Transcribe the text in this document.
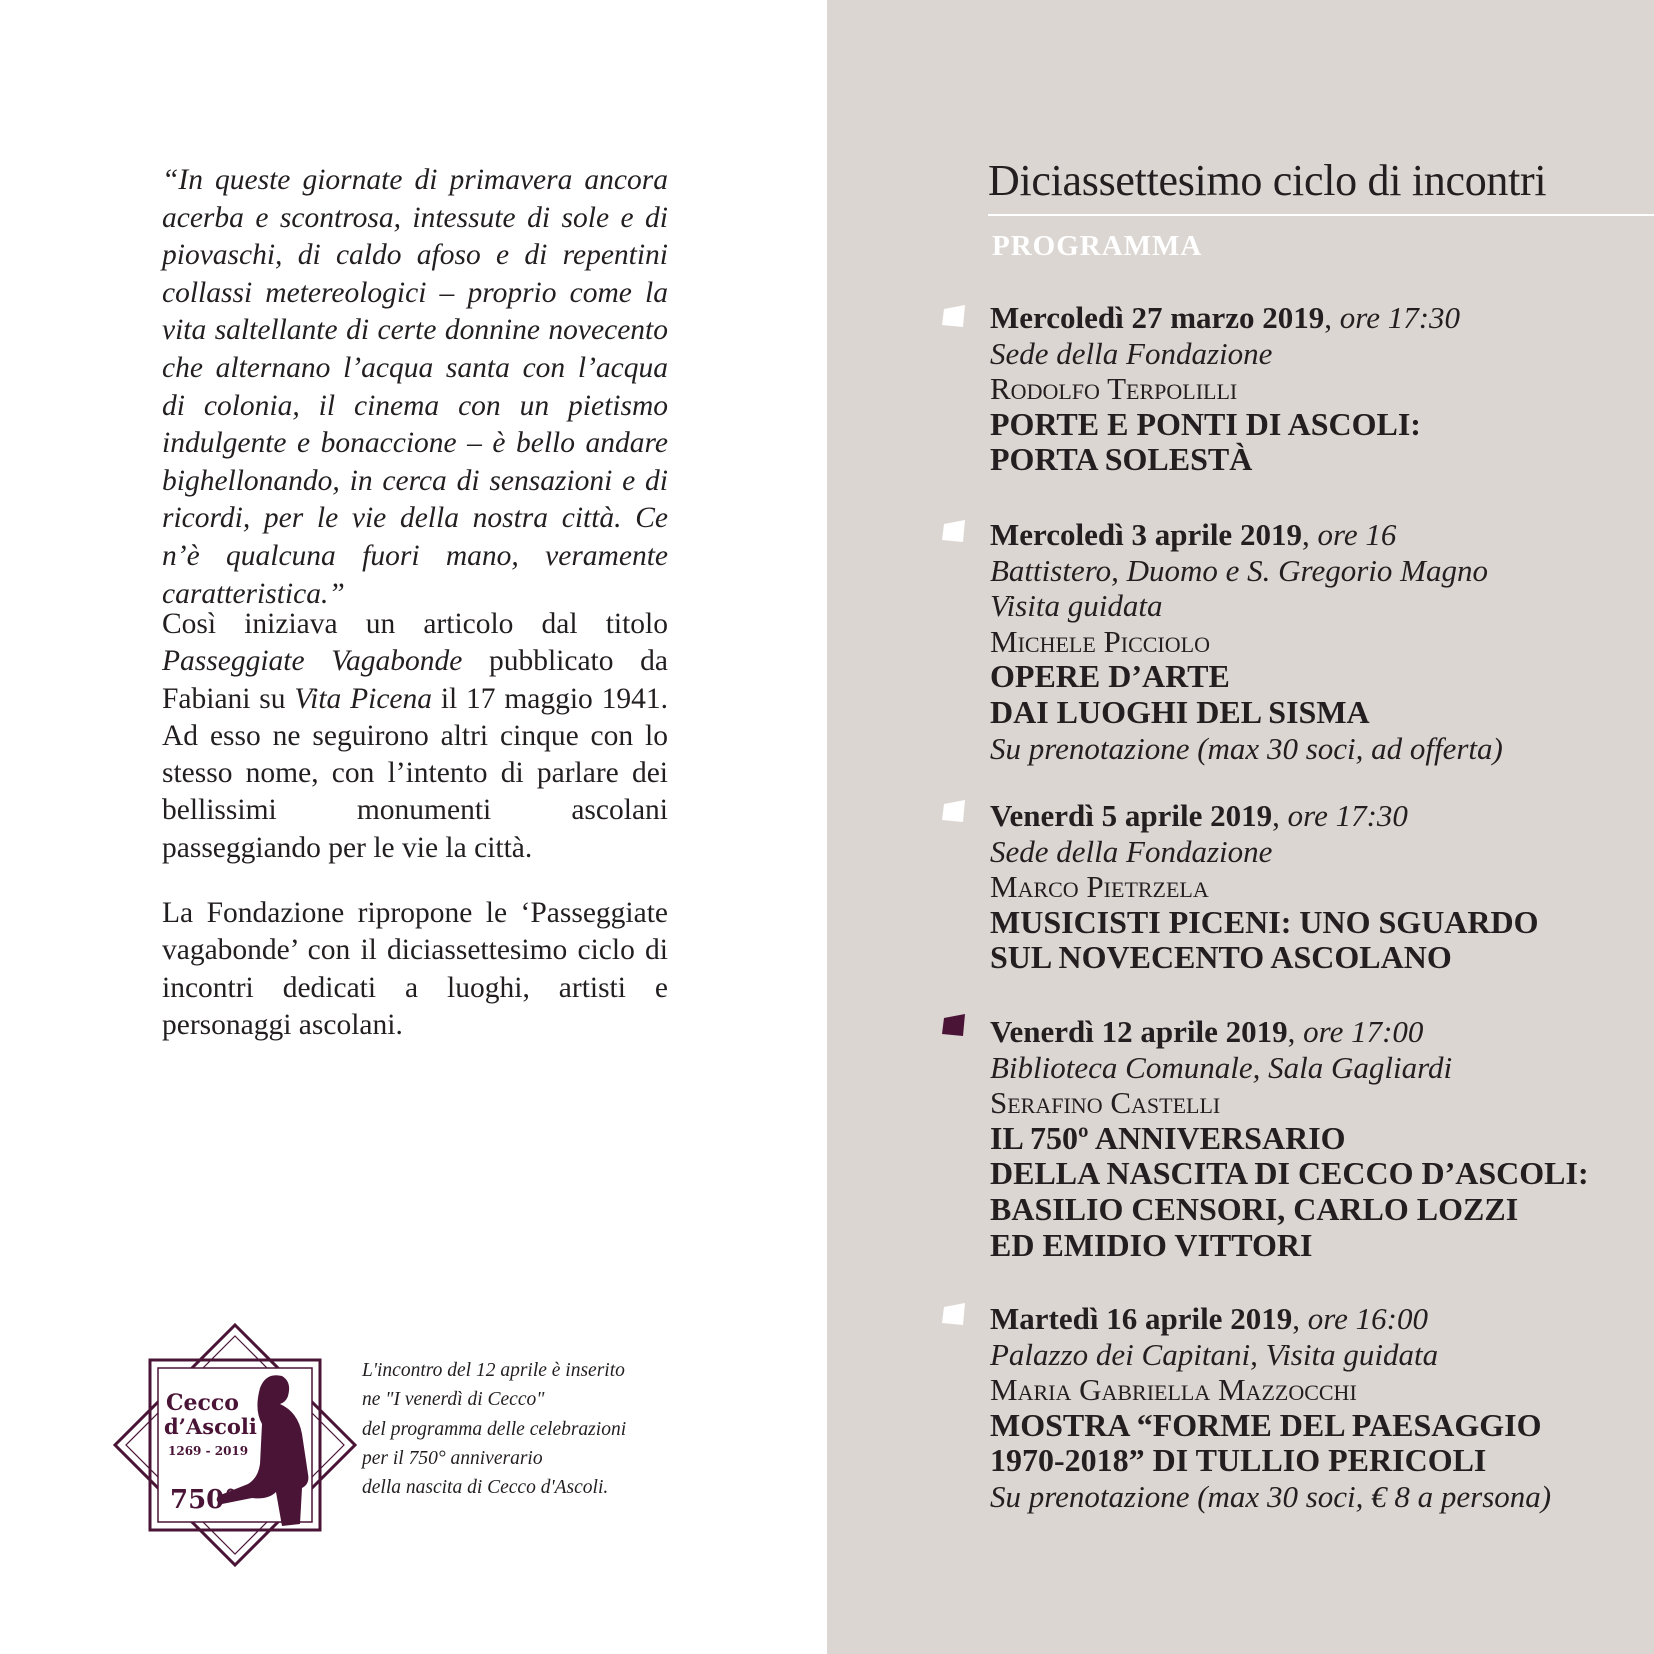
“In queste giornate di primavera ancora acerba e scontrosa, intessute di sole e di piovaschi, di caldo afoso e di repentini collassi metereologici – proprio come la vita saltellante di certe donnine novecento che alternano l’acqua santa con l’acqua di colonia, il cinema con un pietismo indulgente e bonaccione – è bello andare bighellonando, in cerca di sensazioni e di ricordi, per le vie della nostra città. Ce n’è qualcuna fuori mano, veramente caratteristica.”

Così iniziava un articolo dal titolo Passeggiate Vagabonde pubblicato da Fabiani su Vita Picena il 17 maggio 1941. Ad esso ne seguirono altri cinque con lo stesso nome, con l’intento di parlare dei bellissimi monumenti ascolani passeggiando per le vie la città.

La Fondazione ripropone le ‘Passeggiate vagabonde’ con il diciassettesimo ciclo di incontri dedicati a luoghi, artisti e personaggi ascolani.

Cecco
d’Ascoli
1269 - 2019
750°

L'incontro del 12 aprile è inserito
ne "I venerdì di Cecco"
del programma delle celebrazioni
per il 750° anniverario
della nascita di Cecco d'Ascoli.

Diciassettesimo ciclo di incontri
PROGRAMMA
Mercoledì 27 marzo 2019, ore 17:30
Sede della Fondazione
Rodolfo Terpolilli
PORTE E PONTI DI ASCOLI:
PORTA SOLESTÀ
Mercoledì 3 aprile 2019, ore 16
Battistero, Duomo e S. Gregorio Magno
Visita guidata
Michele Picciolo
OPERE D’ARTE
DAI LUOGHI DEL SISMA
Su prenotazione (max 30 soci, ad offerta)
Venerdì 5 aprile 2019, ore 17:30
Sede della Fondazione
Marco Pietrzela
MUSICISTI PICENI: UNO SGUARDO
SUL NOVECENTO ASCOLANO
Venerdì 12 aprile 2019, ore 17:00
Biblioteca Comunale, Sala Gagliardi
Serafino Castelli
IL 750º ANNIVERSARIO
DELLA NASCITA DI CECCO D’ASCOLI:
BASILIO CENSORI, CARLO LOZZI
ED EMIDIO VITTORI
Martedì 16 aprile 2019, ore 16:00
Palazzo dei Capitani, Visita guidata
Maria Gabriella Mazzocchi
MOSTRA “FORME DEL PAESAGGIO
1970-2018” DI TULLIO PERICOLI
Su prenotazione (max 30 soci, € 8 a persona)
